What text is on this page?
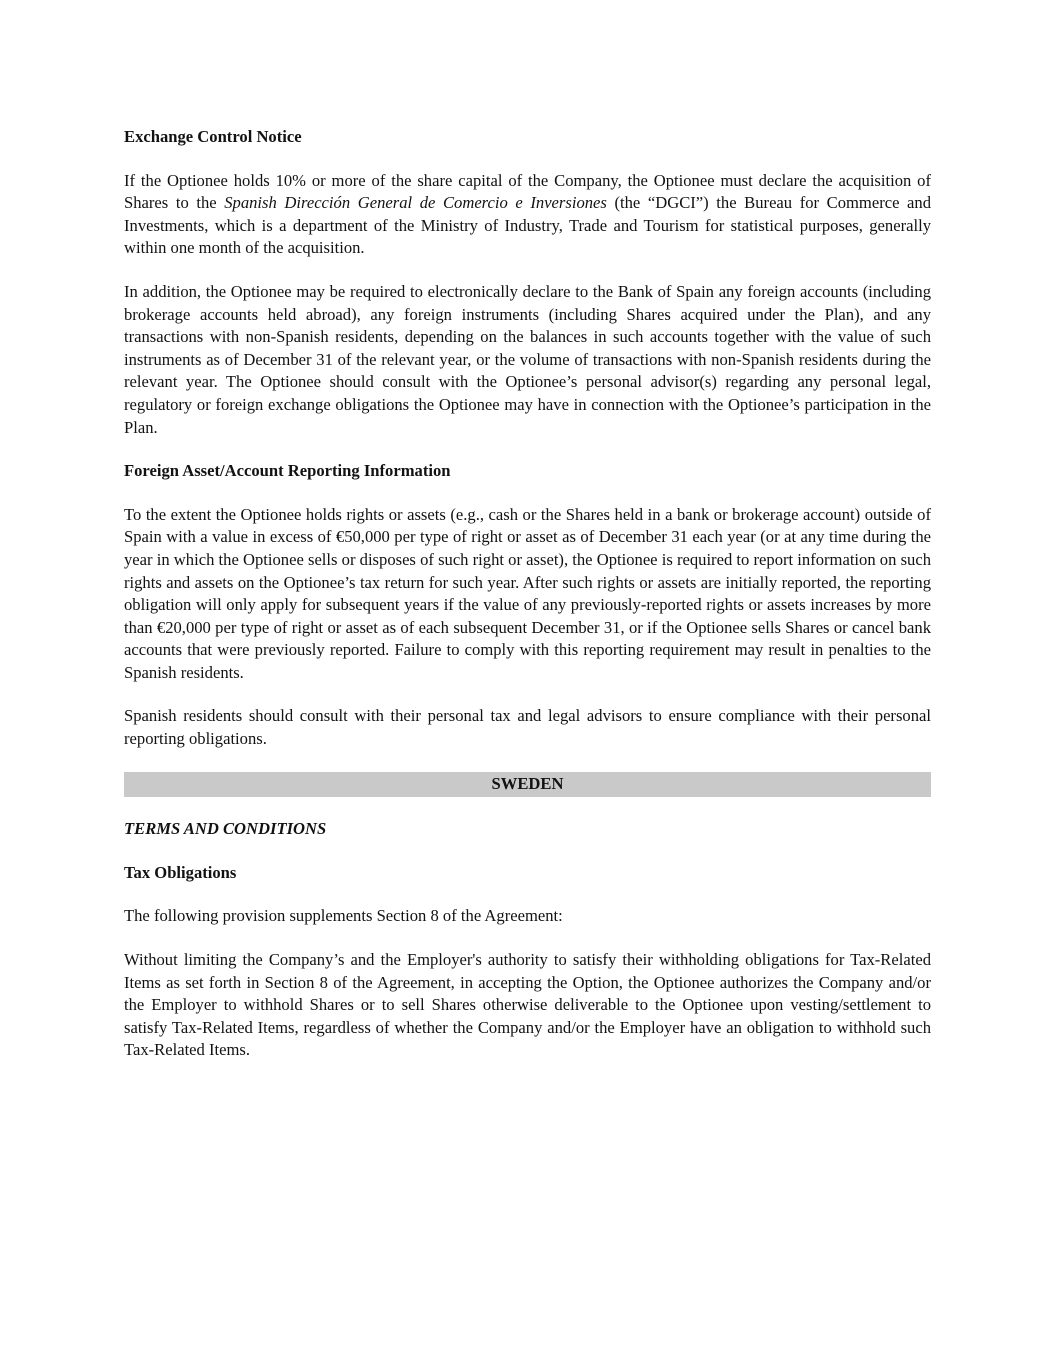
Exchange Control Notice

If the Optionee holds 10% or more of the share capital of the Company, the Optionee must declare the acquisition of Shares to the Spanish Dirección General de Comercio e Inversiones (the “DGCI”) the Bureau for Commerce and Investments, which is a department of the Ministry of Industry, Trade and Tourism for statistical purposes, generally within one month of the acquisition.

In addition, the Optionee may be required to electronically declare to the Bank of Spain any foreign accounts (including brokerage accounts held abroad), any foreign instruments (including Shares acquired under the Plan), and any transactions with non-Spanish residents, depending on the balances in such accounts together with the value of such instruments as of December 31 of the relevant year, or the volume of transactions with non-Spanish residents during the relevant year. The Optionee should consult with the Optionee’s personal advisor(s) regarding any personal legal, regulatory or foreign exchange obligations the Optionee may have in connection with the Optionee’s participation in the Plan.

Foreign Asset/Account Reporting Information

To the extent the Optionee holds rights or assets (e.g., cash or the Shares held in a bank or brokerage account) outside of Spain with a value in excess of €50,000 per type of right or asset as of December 31 each year (or at any time during the year in which the Optionee sells or disposes of such right or asset), the Optionee is required to report information on such rights and assets on the Optionee’s tax return for such year. After such rights or assets are initially reported, the reporting obligation will only apply for subsequent years if the value of any previously-reported rights or assets increases by more than €20,000 per type of right or asset as of each subsequent December 31, or if the Optionee sells Shares or cancel bank accounts that were previously reported. Failure to comply with this reporting requirement may result in penalties to the Spanish residents.

Spanish residents should consult with their personal tax and legal advisors to ensure compliance with their personal reporting obligations.

SWEDEN
TERMS AND CONDITIONS
Tax Obligations

The following provision supplements Section 8 of the Agreement:

Without limiting the Company’s and the Employer's authority to satisfy their withholding obligations for Tax-Related Items as set forth in Section 8 of the Agreement, in accepting the Option, the Optionee authorizes the Company and/or the Employer to withhold Shares or to sell Shares otherwise deliverable to the Optionee upon vesting/settlement to satisfy Tax-Related Items, regardless of whether the Company and/or the Employer have an obligation to withhold such Tax-Related Items.
